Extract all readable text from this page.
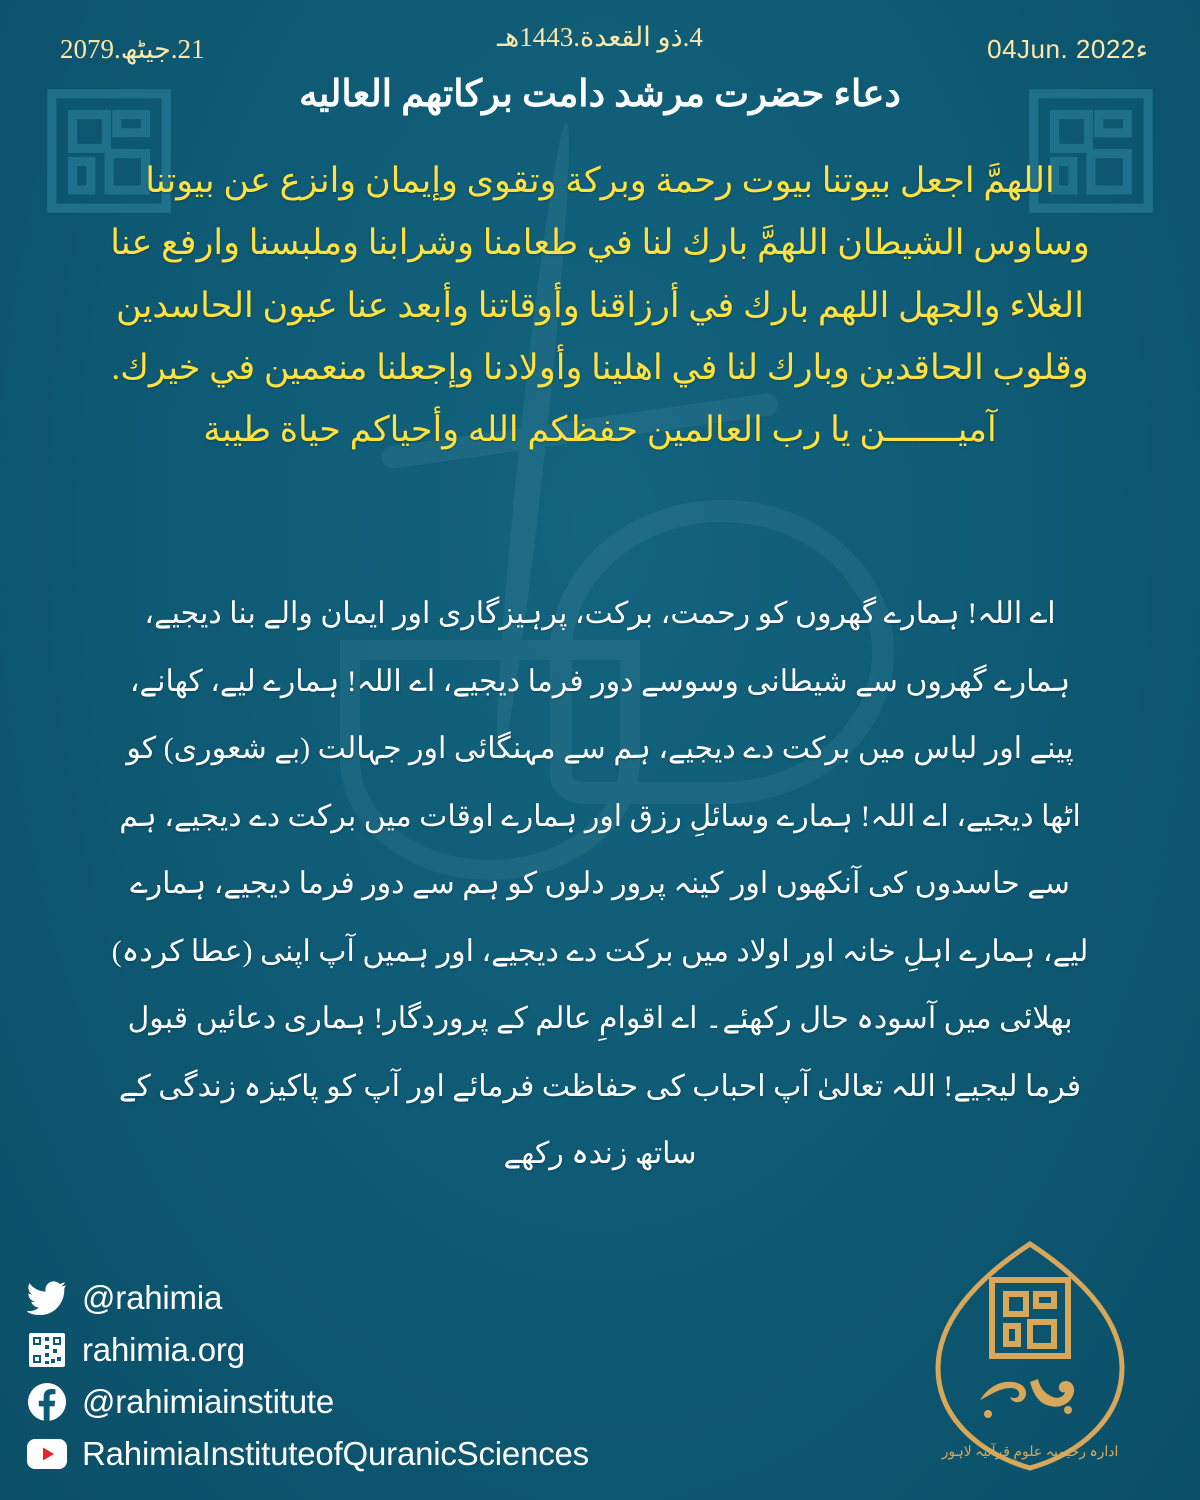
21.جیٹھ.2079	4.ذو القعدة.1443هـ	04Jun. 2022ء
دعاء حضرت مرشد دامت بركاتهم العاليه
اللهمَّ اجعل بيوتنا بيوت رحمة وبركة وتقوى وإيمان وانزع عن بيوتنا وساوس الشيطان اللهمَّ بارك لنا في طعامنا وشرابنا وملبسنا وارفع عنا الغلاء والجهل اللهم بارك في أرزاقنا وأوقاتنا وأبعد عنا عيون الحاسدين وقلوب الحاقدين وبارك لنا في اهلينا وأولادنا وإجعلنا منعمين في خيرك. آميـــــــن يا رب العالمين حفظكم الله وأحياكم حياة طيبة
اے اللہ! ہمارے گھروں کو رحمت، برکت، پرہیزگاری اور ایمان والے بنا دیجیے، ہمارے گھروں سے شیطانی وسوسے دور فرما دیجیے، اے اللہ! ہمارے لیے، کھانے، پینے اور لباس میں برکت دے دیجیے، ہم سے مہنگائی اور جہالت (بے شعوری) کو اٹھا دیجیے، اے اللہ! ہمارے وسائلِ رزق اور ہمارے اوقات میں برکت دے دیجیے، ہم سے حاسدوں کی آنکھوں اور کینہ پرور دلوں کو ہم سے دور فرما دیجیے، ہمارے لیے، ہمارے اہلِ خانہ اور اولاد میں برکت دے دیجیے، اور ہمیں آپ اپنی (عطا کردہ) بھلائی میں آسودہ حال رکھئے۔ اے اقوامِ عالم کے پروردگار! ہماری دعائیں قبول فرما لیجیے! اللہ تعالیٰ آپ احباب کی حفاظت فرمائے اور آپ کو پاکیزہ زندگی کے ساتھ زندہ رکھے
@rahimia
rahimia.org
@rahimiainstitute
RahimiaInstituteofQuranicSciences	ادارہ رحیمیہ علومِ قرآنیہ لاہور
